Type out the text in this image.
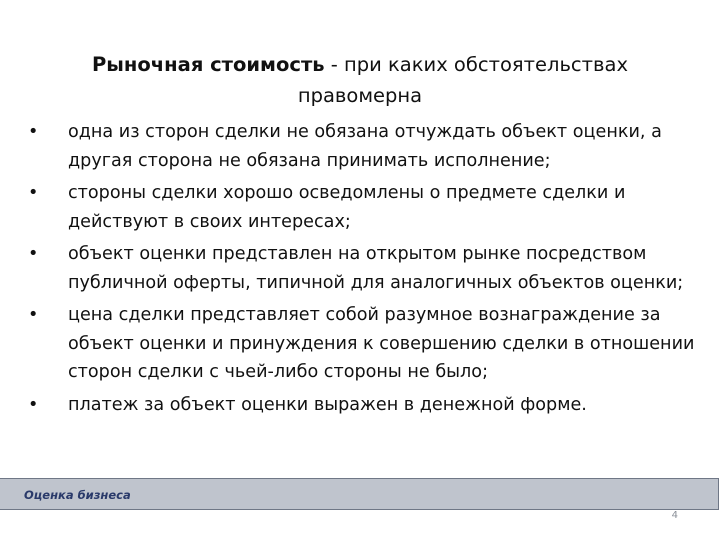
Рыночная стоимость - при каких обстоятельствах правомерна
•	одна из сторон сделки не обязана отчуждать объект оценки, а другая сторона не обязана принимать исполнение;
•	стороны сделки хорошо осведомлены о предмете сделки и действуют в своих интересах;
•	объект оценки представлен на открытом рынке посредством публичной оферты, типичной для аналогичных объектов оценки;
•	цена сделки представляет собой разумное вознаграждение за объект оценки и принуждения к совершению сделки в отношении сторон сделки с чьей-либо стороны не было;
•	платеж за объект оценки выражен в денежной форме.
Оценка бизнеса
4
